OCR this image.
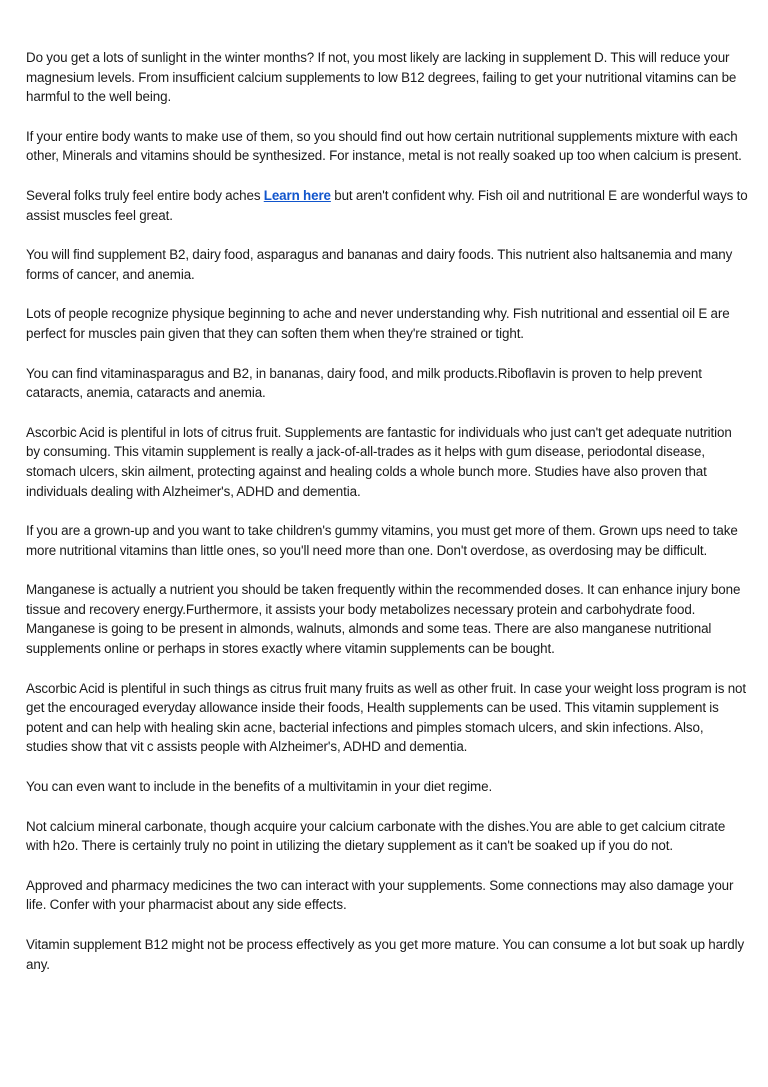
Do you get a lots of sunlight in the winter months? If not, you most likely are lacking in supplement D. This will reduce your magnesium levels. From insufficient calcium supplements to low B12 degrees, failing to get your nutritional vitamins can be harmful to the well being.

If your entire body wants to make use of them, so you should find out how certain nutritional supplements mixture with each other, Minerals and vitamins should be synthesized. For instance, metal is not really soaked up too when calcium is present.

Several folks truly feel entire body aches Learn here but aren't confident why. Fish oil and nutritional E are wonderful ways to assist muscles feel great.

You will find supplement B2, dairy food, asparagus and bananas and dairy foods. This nutrient also haltsanemia and many forms of cancer, and anemia.

Lots of people recognize physique beginning to ache and never understanding why. Fish nutritional and essential oil E are perfect for muscles pain given that they can soften them when they're strained or tight.

You can find vitaminasparagus and B2, in bananas, dairy food, and milk products.Riboflavin is proven to help prevent cataracts, anemia, cataracts and anemia.

Ascorbic Acid is plentiful in lots of citrus fruit. Supplements are fantastic for individuals who just can't get adequate nutrition by consuming. This vitamin supplement is really a jack-of-all-trades as it helps with gum disease, periodontal disease, stomach ulcers, skin ailment, protecting against and healing colds a whole bunch more. Studies have also proven that individuals dealing with Alzheimer's, ADHD and dementia.

If you are a grown-up and you want to take children's gummy vitamins, you must get more of them. Grown ups need to take more nutritional vitamins than little ones, so you'll need more than one. Don't overdose, as overdosing may be difficult.

Manganese is actually a nutrient you should be taken frequently within the recommended doses. It can enhance injury bone tissue and recovery energy.Furthermore, it assists your body metabolizes necessary protein and carbohydrate food. Manganese is going to be present in almonds, walnuts, almonds and some teas. There are also manganese nutritional supplements online or perhaps in stores exactly where vitamin supplements can be bought.

Ascorbic Acid is plentiful in such things as citrus fruit many fruits as well as other fruit. In case your weight loss program is not get the encouraged everyday allowance inside their foods, Health supplements can be used. This vitamin supplement is potent and can help with healing skin acne, bacterial infections and pimples stomach ulcers, and skin infections. Also, studies show that vit c assists people with Alzheimer's, ADHD and dementia.

You can even want to include in the benefits of a multivitamin in your diet regime.

Not calcium mineral carbonate, though acquire your calcium carbonate with the dishes.You are able to get calcium citrate with h2o. There is certainly truly no point in utilizing the dietary supplement as it can't be soaked up if you do not.

Approved and pharmacy medicines the two can interact with your supplements. Some connections may also damage your life. Confer with your pharmacist about any side effects.

Vitamin supplement B12 might not be process effectively as you get more mature. You can consume a lot but soak up hardly any.
